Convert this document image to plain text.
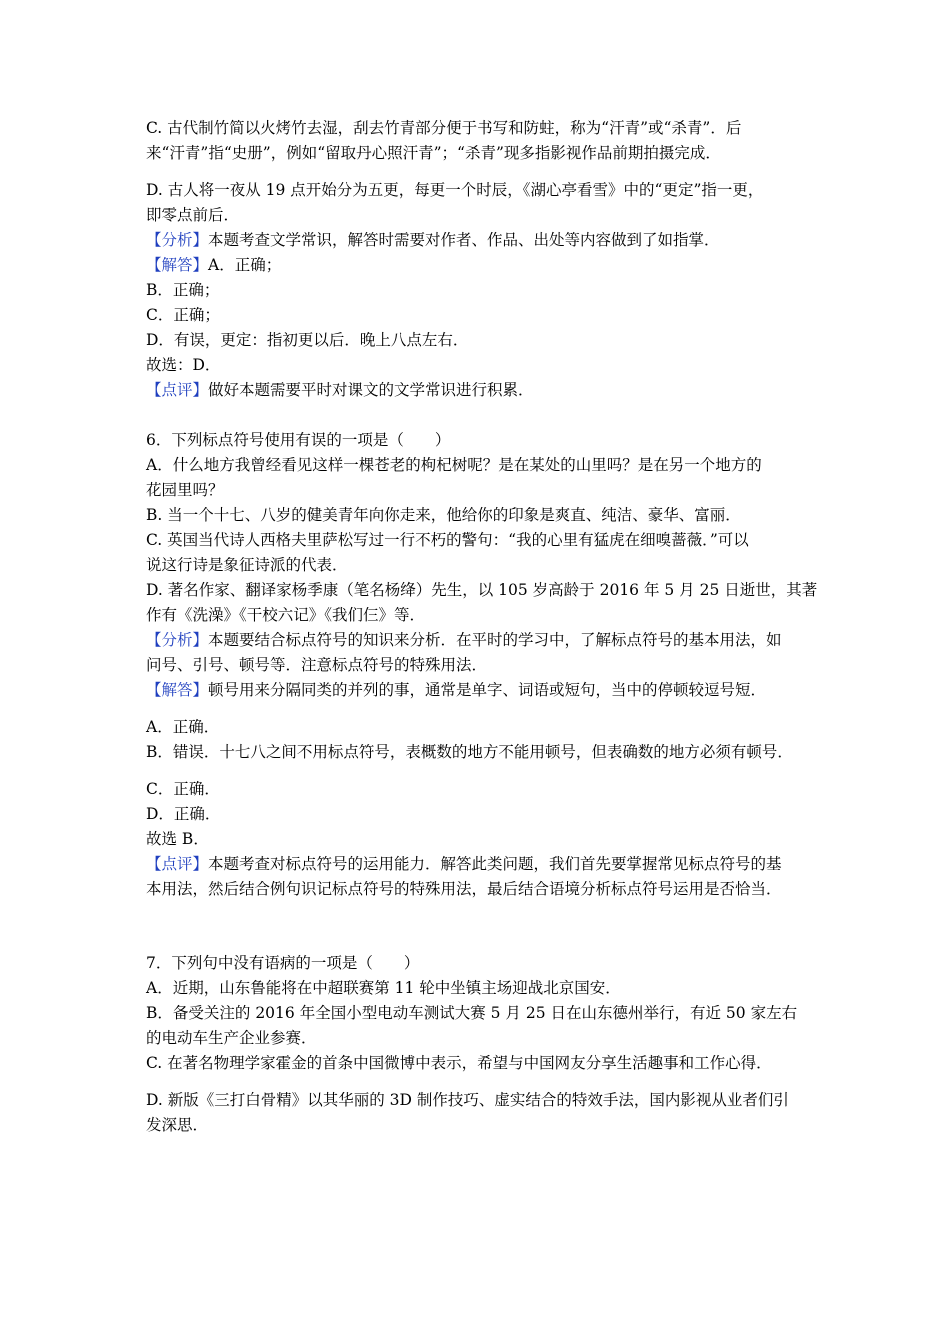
C. 古代制竹简以火烤竹去湿，刮去竹青部分便于书写和防蛀，称为“汗青”或“杀青”．后
来“汗青”指“史册”，例如“留取丹心照汗青”；“杀青”现多指影视作品前期拍摄完成．
D. 古人将一夜从 19 点开始分为五更，每更一个时辰，《湖心亭看雪》中的“更定”指一更，
即零点前后．
【分析】本题考查文学常识，解答时需要对作者、作品、出处等内容做到了如指掌．
【解答】A．正确；
B．正确；
C．正确；
D．有误，更定：指初更以后．晚上八点左右．
故选：D．
【点评】做好本题需要平时对课文的文学常识进行积累．
6．下列标点符号使用有误的一项是（　　）
A．什么地方我曾经看见这样一棵苍老的枸杞树呢？是在某处的山里吗？是在另一个地方的
花园里吗？
B. 当一个十七、八岁的健美青年向你走来，他给你的印象是爽直、纯洁、豪华、富丽．
C. 英国当代诗人西格夫里萨松写过一行不朽的警句：“我的心里有猛虎在细嗅蔷薇．”可以
说这行诗是象征诗派的代表．
D. 著名作家、翻译家杨季康（笔名杨绛）先生，以 105 岁高龄于 2016 年 5 月 25 日逝世，其著
作有《洗澡》《干校六记》《我们仨》等．
【分析】本题要结合标点符号的知识来分析．在平时的学习中，了解标点符号的基本用法，如
问号、引号、顿号等．注意标点符号的特殊用法．
【解答】顿号用来分隔同类的并列的事，通常是单字、词语或短句，当中的停顿较逗号短．
A．正确．
B．错误．十七八之间不用标点符号，表概数的地方不能用顿号，但表确数的地方必须有顿号．
C．正确．
D．正确．
故选 B．
【点评】本题考查对标点符号的运用能力．解答此类问题，我们首先要掌握常见标点符号的基
本用法，然后结合例句识记标点符号的特殊用法，最后结合语境分析标点符号运用是否恰当．
7．下列句中没有语病的一项是（　　）
A．近期，山东鲁能将在中超联赛第 11 轮中坐镇主场迎战北京国安．
B．备受关注的 2016 年全国小型电动车测试大赛 5 月 25 日在山东德州举行，有近 50 家左右
的电动车生产企业参赛．
C. 在著名物理学家霍金的首条中国微博中表示，希望与中国网友分享生活趣事和工作心得．
D. 新版《三打白骨精》以其华丽的 3D 制作技巧、虚实结合的特效手法，国内影视从业者们引
发深思．
